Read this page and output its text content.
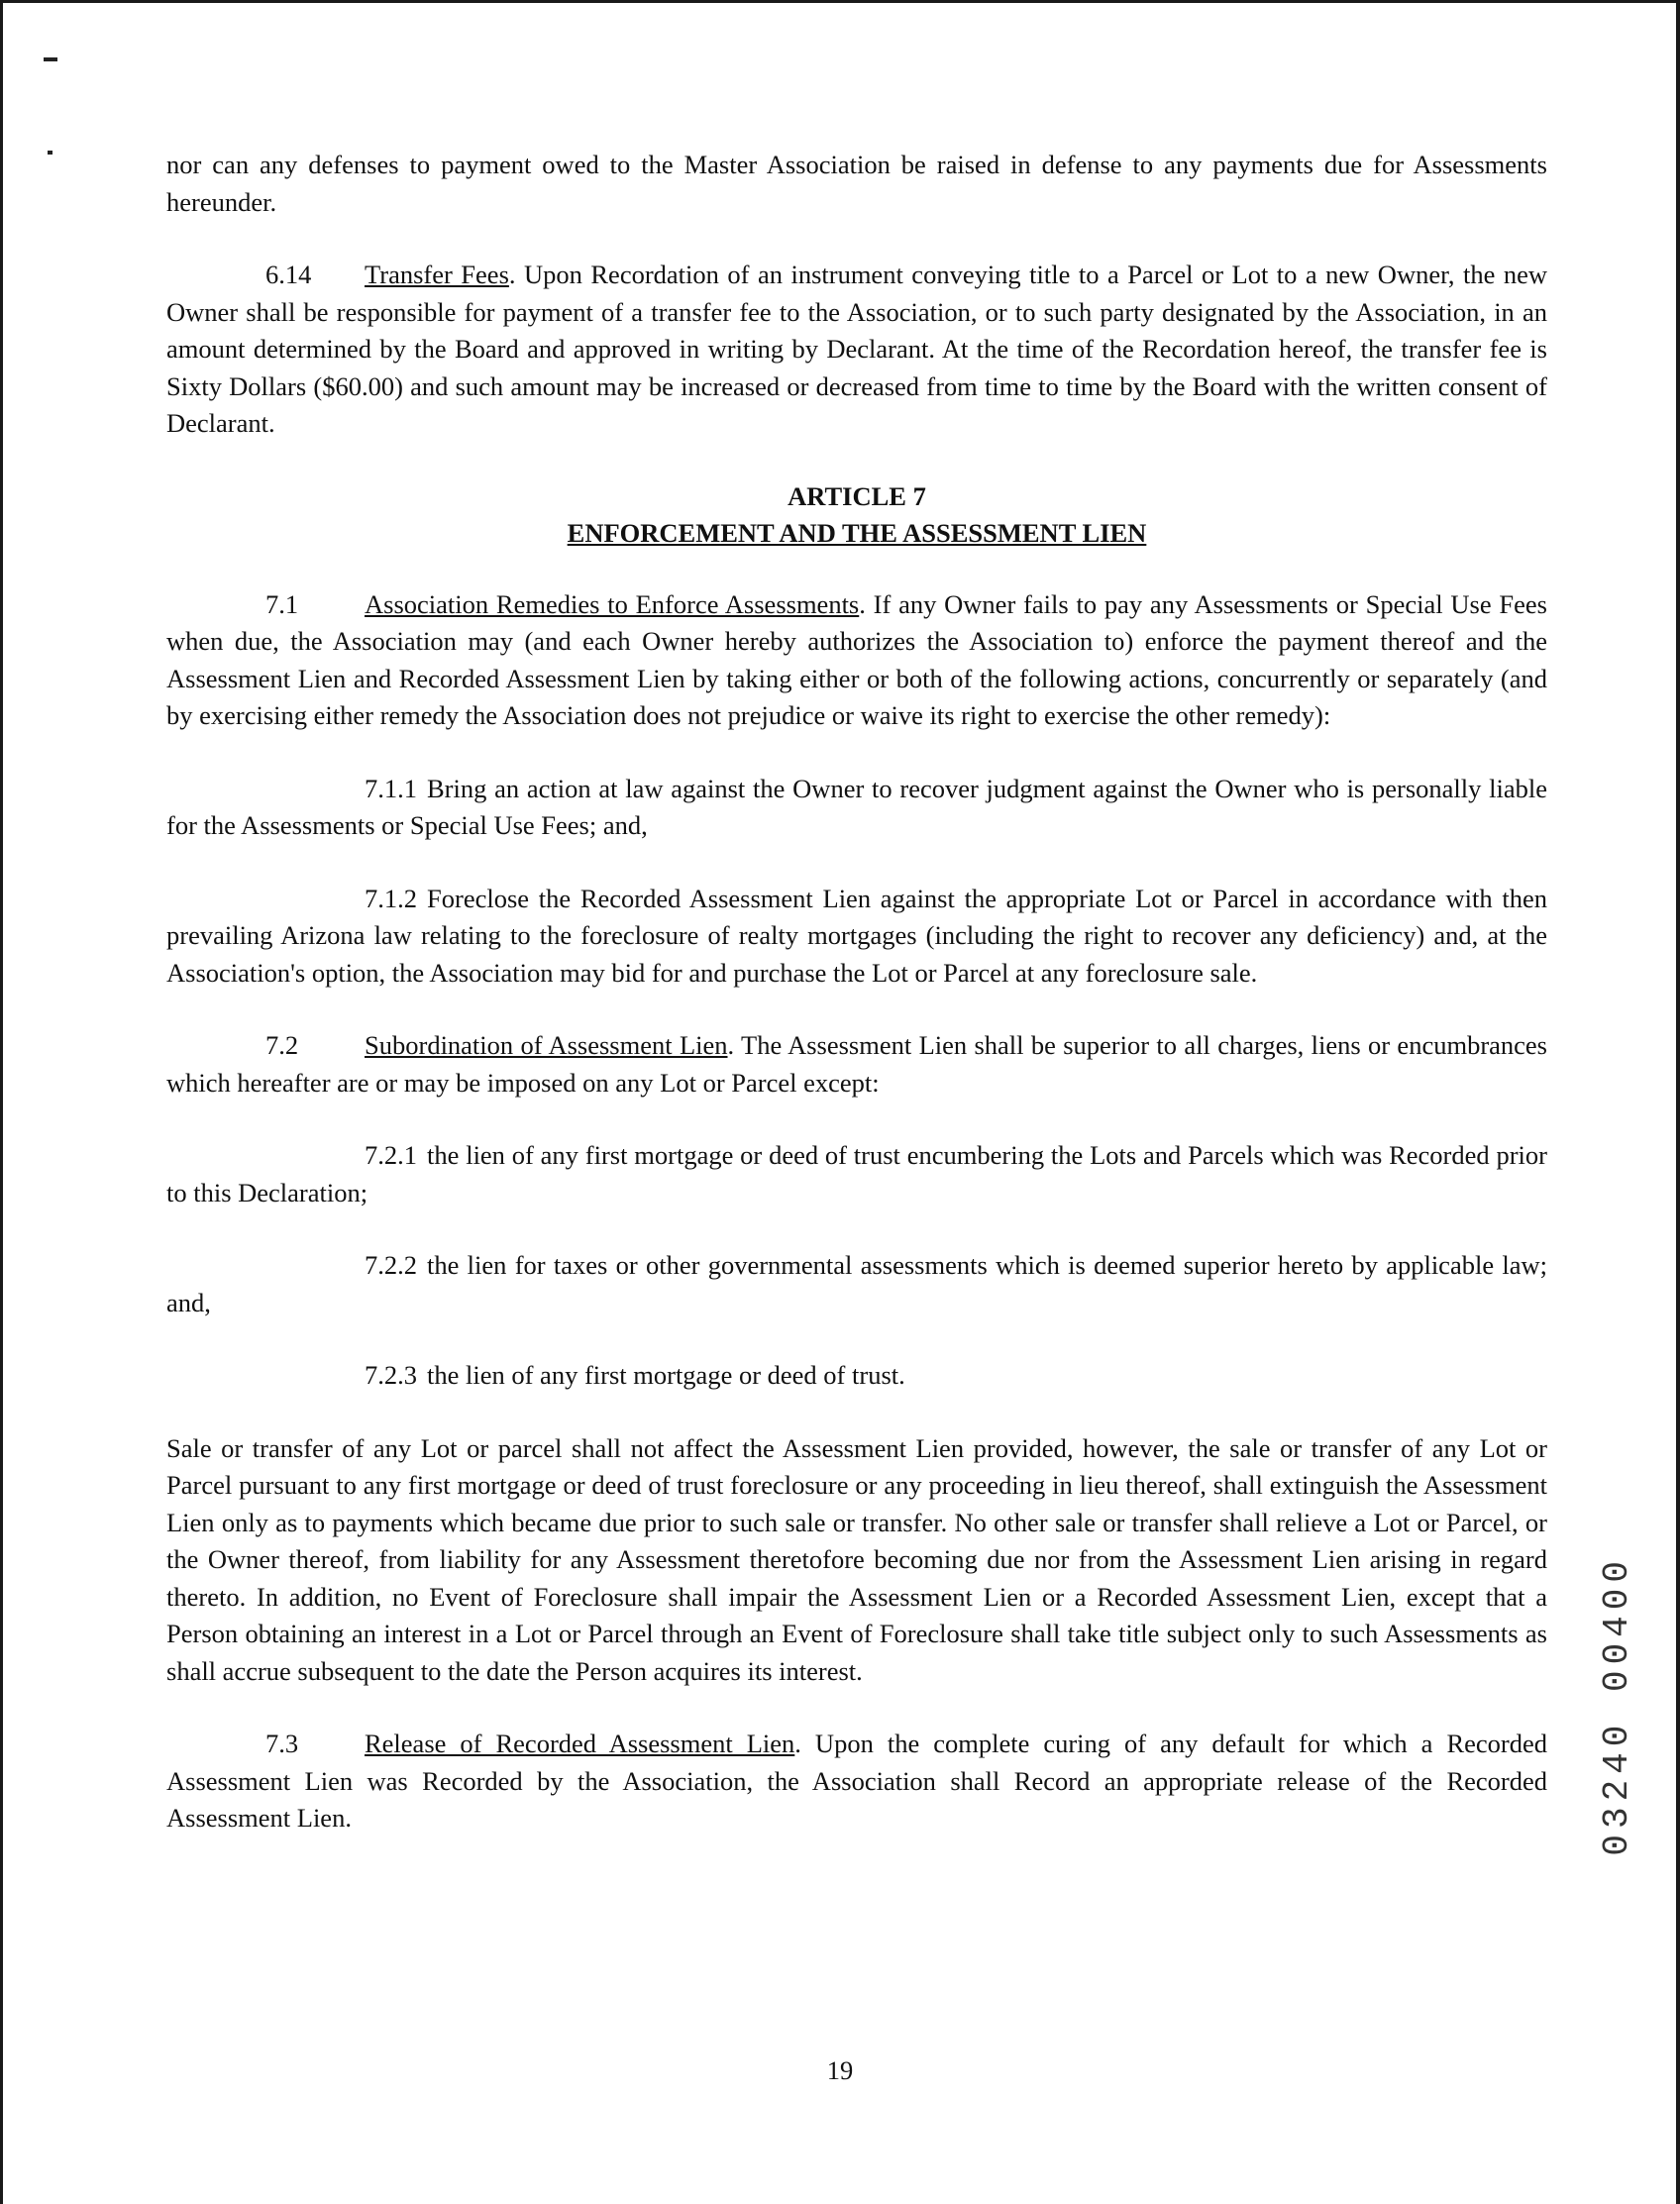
nor can any defenses to payment owed to the Master Association be raised in defense to any payments due for Assessments hereunder.

6.14 Transfer Fees. Upon Recordation of an instrument conveying title to a Parcel or Lot to a new Owner, the new Owner shall be responsible for payment of a transfer fee to the Association, or to such party designated by the Association, in an amount determined by the Board and approved in writing by Declarant. At the time of the Recordation hereof, the transfer fee is Sixty Dollars ($60.00) and such amount may be increased or decreased from time to time by the Board with the written consent of Declarant.

ARTICLE 7
ENFORCEMENT AND THE ASSESSMENT LIEN

7.1	Association Remedies to Enforce Assessments. If any Owner fails to pay any Assessments or Special Use Fees when due, the Association may (and each Owner hereby authorizes the Association to) enforce the payment thereof and the Assessment Lien and Recorded Assessment Lien by taking either or both of the following actions, concurrently or separately (and by exercising either remedy the Association does not prejudice or waive its right to exercise the other remedy):

7.1.1 Bring an action at law against the Owner to recover judgment against the Owner who is personally liable for the Assessments or Special Use Fees; and,

7.1.2 Foreclose the Recorded Assessment Lien against the appropriate Lot or Parcel in accordance with then prevailing Arizona law relating to the foreclosure of realty mortgages (including the right to recover any deficiency) and, at the Association's option, the Association may bid for and purchase the Lot or Parcel at any foreclosure sale.

7.2	Subordination of Assessment Lien. The Assessment Lien shall be superior to all charges, liens or encumbrances which hereafter are or may be imposed on any Lot or Parcel except:

7.2.1 the lien of any first mortgage or deed of trust encumbering the Lots and Parcels which was Recorded prior to this Declaration;

7.2.2 the lien for taxes or other governmental assessments which is deemed superior hereto by applicable law; and,

7.2.3 the lien of any first mortgage or deed of trust.

Sale or transfer of any Lot or parcel shall not affect the Assessment Lien provided, however, the sale or transfer of any Lot or Parcel pursuant to any first mortgage or deed of trust foreclosure or any proceeding in lieu thereof, shall extinguish the Assessment Lien only as to payments which became due prior to such sale or transfer. No other sale or transfer shall relieve a Lot or Parcel, or the Owner thereof, from liability for any Assessment theretofore becoming due nor from the Assessment Lien arising in regard thereto. In addition, no Event of Foreclosure shall impair the Assessment Lien or a Recorded Assessment Lien, except that a Person obtaining an interest in a Lot or Parcel through an Event of Foreclosure shall take title subject only to such Assessments as shall accrue subsequent to the date the Person acquires its interest.

7.3	Release of Recorded Assessment Lien. Upon the complete curing of any default for which a Recorded Assessment Lien was Recorded by the Association, the Association shall Record an appropriate release of the Recorded Assessment Lien.	03240 00400
19
